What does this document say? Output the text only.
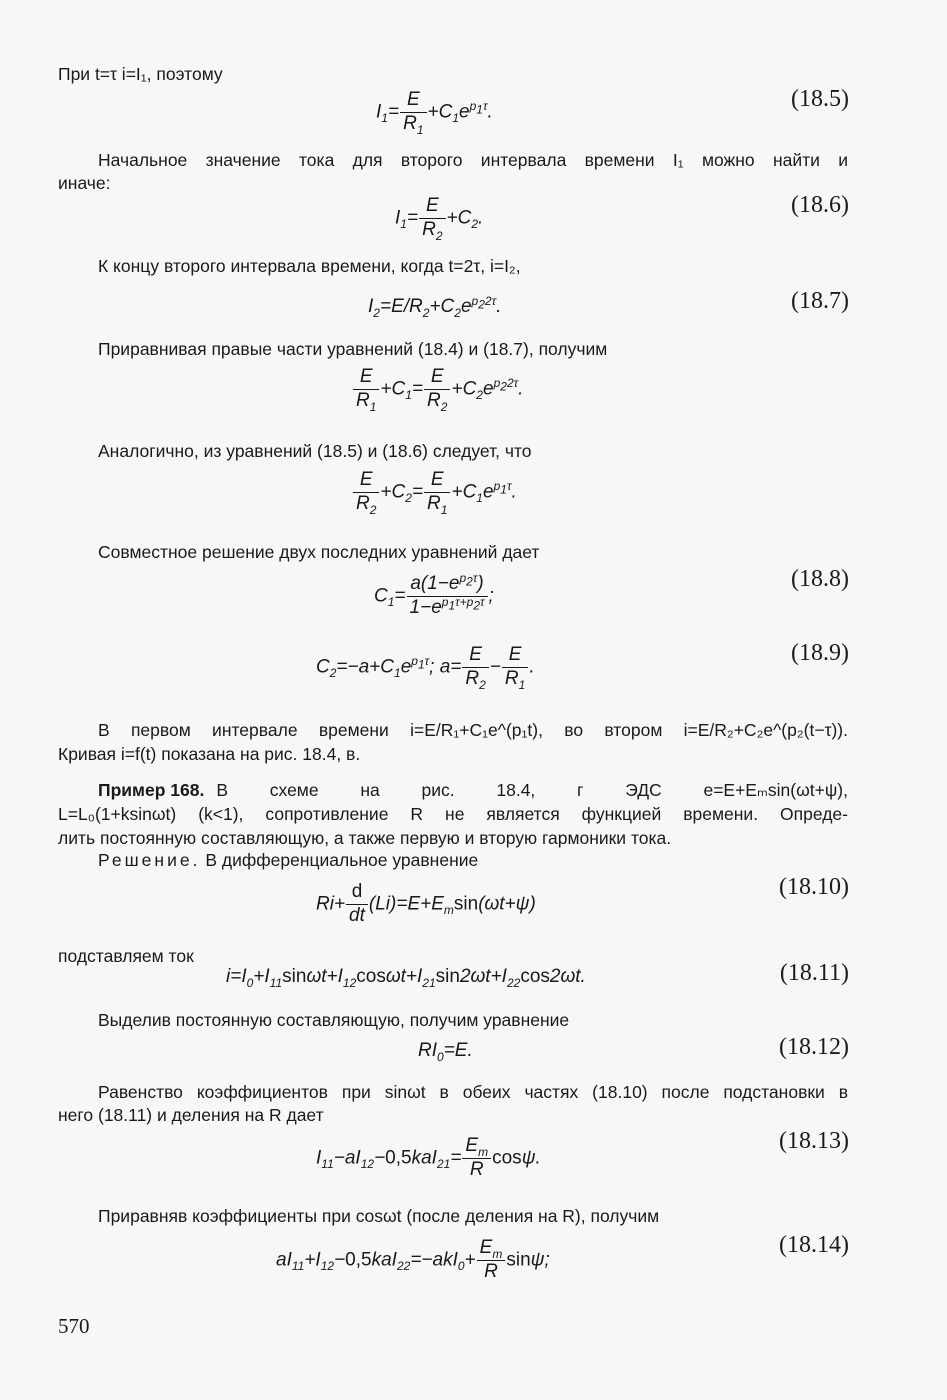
При t=τ i=I₁, поэтому
$I_1= \frac{E}{R_1} +C_1e^{p_1\tau}$.	(18.5)
Начальное значение тока для второго интервала времени I₁ можно найти и
иначе:
$I_1= \frac{E}{R_2} +C_2$.	(18.6)
К концу второго интервала времени, когда t=2τ, i=I₂,
$I_2=E/R_2+C_2e^{p_22\tau}$.	(18.7)
Приравнивая правые части уравнений (18.4) и (18.7), получим
$\frac{E}{R_1} +C_1= \frac{E}{R_2} +C_2e^{p_22\tau}$.
Аналогично, из уравнений (18.5) и (18.6) следует, что
$\frac{E}{R_2} +C_2= \frac{E}{R_1} +C_1e^{p_1\tau}$.
Совместное решение двух последних уравнений дает
$C_1= \frac{a(1-e^{p_2\tau})}{1-e^{p_1\tau+p_2\tau}}$ ;
(18.8)
$C_2=-a+C_1e^{p_1\tau}$; $a= \frac{E}{R_2} - \frac{E}{R_1}$ .
(18.9)
В первом интервале времени i=E/R₁+C₁e^(p₁t), во втором i=E/R₂+C₂e^(p₂(t−τ)).
Кривая i=f(t) показана на рис. 18.4, в.
Пример 168. В схеме на рис. 18.4, г ЭДС e=E+Eₘsin(ωt+ψ),
L=L₀(1+ksinωt) (k<1), сопротивление R не является функцией времени. Опреде-
лить постоянную составляющую, а также первую и вторую гармоники тока.
Решение. В дифференциальное уравнение
$Ri+ \frac{d}{dt} (Li)=E+E_m\sin(\omega t+\psi)$
(18.10)
подставляем ток
$i=I_0+I_{11}\sin\omega t+I_{12}\cos\omega t+I_{21}\sin 2\omega t+I_{22}\cos 2\omega t$.	(18.11)
Выделив постоянную составляющую, получим уравнение
$RI_0=E$.	(18.12)
Равенство коэффициентов при sinωt в обеих частях (18.10) после подстановки в
него (18.11) и деления на R дает
$I_{11}-aI_{12}-0,5kaI_{21}= \frac{E_m}{R} \cos\psi$.
(18.13)
Приравняв коэффициенты при cosωt (после деления на R), получим
$aI_{11}+I_{12}-0,5kaI_{22}=-akI_0+ \frac{E_m}{R} \sin\psi$;
(18.14)
570
